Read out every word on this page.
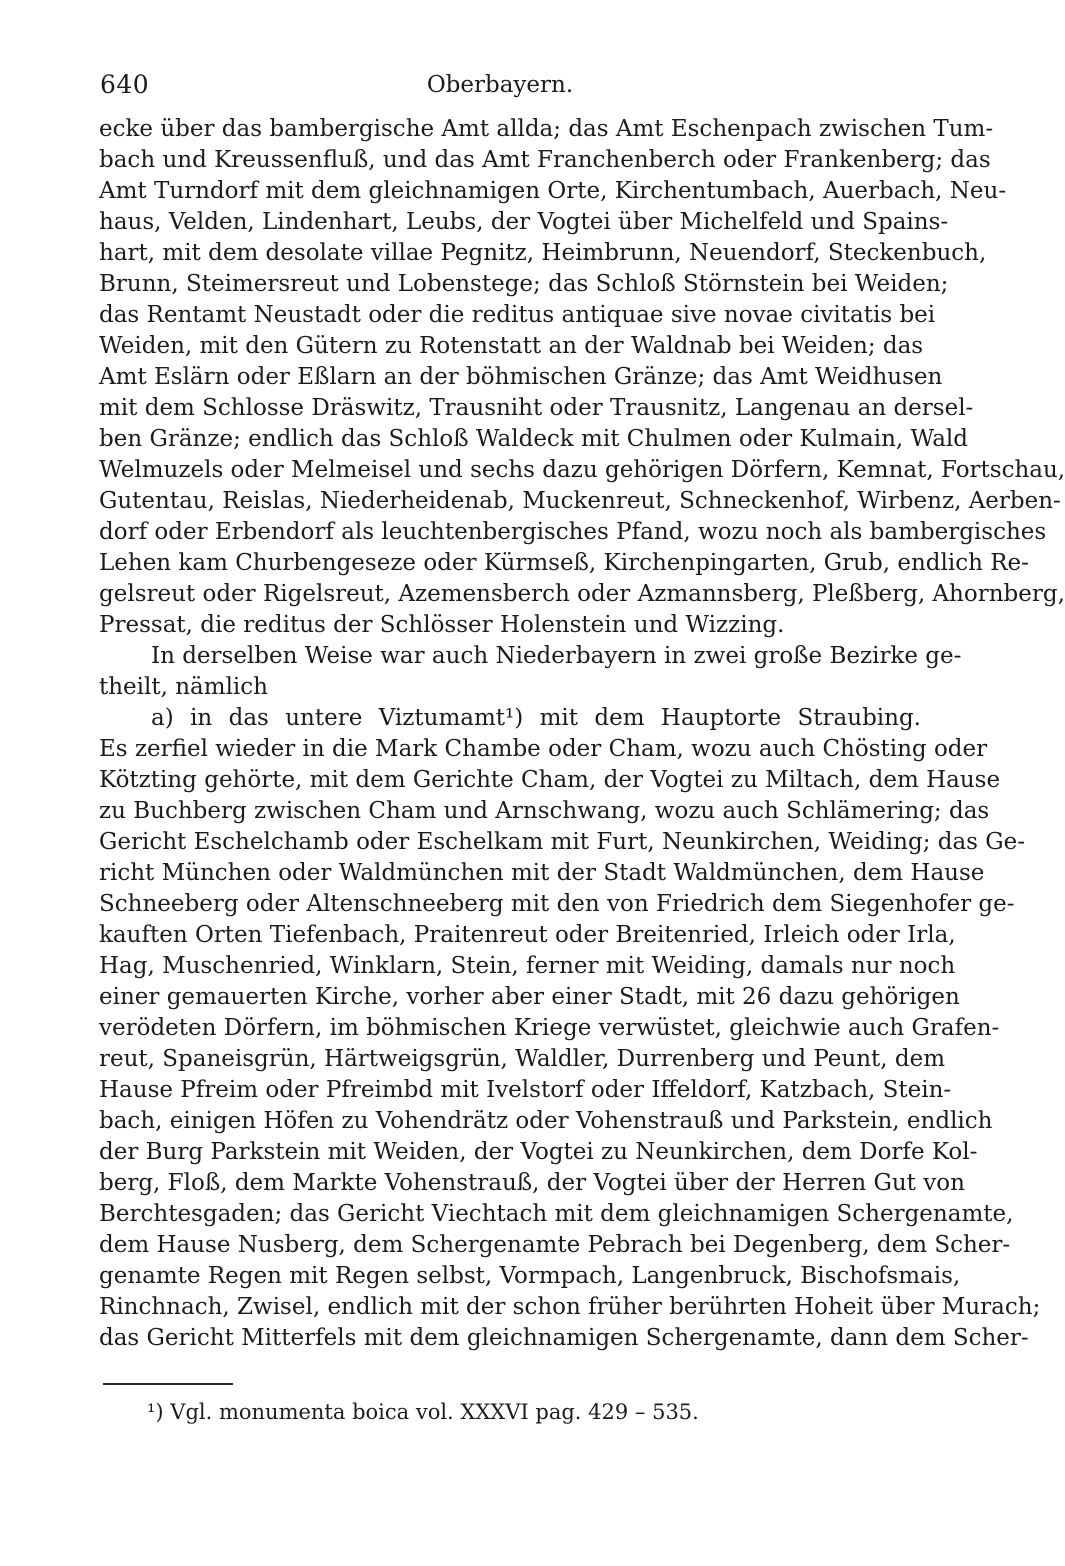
640	Oberbayern.
ecke über das bambergische Amt allda; das Amt Eschenpach zwischen Tum-
bach und Kreussenfluß, und das Amt Franchenberch oder Frankenberg; das
Amt Turndorf mit dem gleichnamigen Orte, Kirchentumbach, Auerbach, Neu-
haus, Velden, Lindenhart, Leubs, der Vogtei über Michelfeld und Spains-
hart, mit dem desolate villae Pegnitz, Heimbrunn, Neuendorf, Steckenbuch,
Brunn, Steimersreut und Lobenstege; das Schloß Störnstein bei Weiden;
das Rentamt Neustadt oder die reditus antiquae sive novae civitatis bei
Weiden, mit den Gütern zu Rotenstatt an der Waldnab bei Weiden; das
Amt Eslärn oder Eßlarn an der böhmischen Gränze; das Amt Weidhusen
mit dem Schlosse Dräswitz, Trausniht oder Trausnitz, Langenau an dersel-
ben Gränze; endlich das Schloß Waldeck mit Chulmen oder Kulmain, Wald
Welmuzels oder Melmeisel und sechs dazu gehörigen Dörfern, Kemnat, Fortschau,
Gutentau, Reislas, Niederheidenab, Muckenreut, Schneckenhof, Wirbenz, Aerben-
dorf oder Erbendorf als leuchtenbergisches Pfand, wozu noch als bambergisches
Lehen kam Churbengeseze oder Kürmseß, Kirchenpingarten, Grub, endlich Re-
gelsreut oder Rigelsreut, Azemensberch oder Azmannsberg, Pleßberg, Ahornberg,
Pressat, die reditus der Schlösser Holenstein und Wizzing.
In derselben Weise war auch Niederbayern in zwei große Bezirke ge-
theilt, nämlich
a) in das untere Viztumamt¹) mit dem Hauptorte Straubing.
Es zerfiel wieder in die Mark Chambe oder Cham, wozu auch Chösting oder
Kötzting gehörte, mit dem Gerichte Cham, der Vogtei zu Miltach, dem Hause
zu Buchberg zwischen Cham und Arnschwang, wozu auch Schlämering; das
Gericht Eschelchamb oder Eschelkam mit Furt, Neunkirchen, Weiding; das Ge-
richt München oder Waldmünchen mit der Stadt Waldmünchen, dem Hause
Schneeberg oder Altenschneeberg mit den von Friedrich dem Siegenhofer ge-
kauften Orten Tiefenbach, Praitenreut oder Breitenried, Irleich oder Irla,
Hag, Muschenried, Winklarn, Stein, ferner mit Weiding, damals nur noch
einer gemauerten Kirche, vorher aber einer Stadt, mit 26 dazu gehörigen
verödeten Dörfern, im böhmischen Kriege verwüstet, gleichwie auch Grafen-
reut, Spaneisgrün, Härtweigsgrün, Waldler, Durrenberg und Peunt, dem
Hause Pfreim oder Pfreimbd mit Ivelstorf oder Iffeldorf, Katzbach, Stein-
bach, einigen Höfen zu Vohendrätz oder Vohenstrauß und Parkstein, endlich
der Burg Parkstein mit Weiden, der Vogtei zu Neunkirchen, dem Dorfe Kol-
berg, Floß, dem Markte Vohenstrauß, der Vogtei über der Herren Gut von
Berchtesgaden; das Gericht Viechtach mit dem gleichnamigen Schergenamte,
dem Hause Nusberg, dem Schergenamte Pebrach bei Degenberg, dem Scher-
genamte Regen mit Regen selbst, Vormpach, Langenbruck, Bischofsmais,
Rinchnach, Zwisel, endlich mit der schon früher berührten Hoheit über Murach;
das Gericht Mitterfels mit dem gleichnamigen Schergenamte, dann dem Scher-
¹) Vgl. monumenta boica vol. XXXVI pag. 429 – 535.
